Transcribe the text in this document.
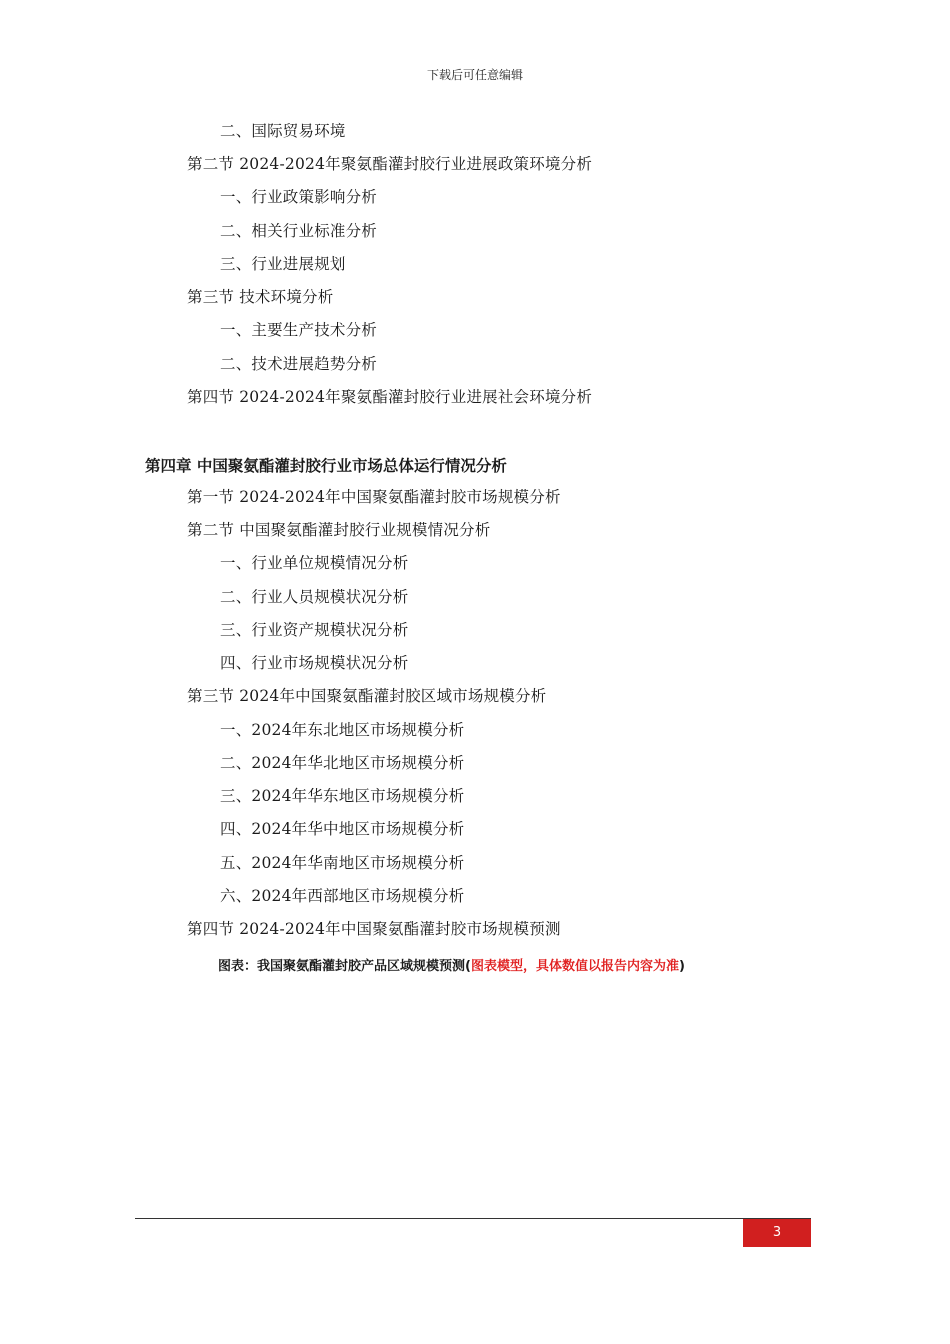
下载后可任意编辑
二、国际贸易环境
第二节 2024-2024年聚氨酯灌封胶行业进展政策环境分析
一、行业政策影响分析
二、相关行业标准分析
三、行业进展规划
第三节 技术环境分析
一、主要生产技术分析
二、技术进展趋势分析
第四节 2024-2024年聚氨酯灌封胶行业进展社会环境分析
第四章 中国聚氨酯灌封胶行业市场总体运行情况分析
第一节 2024-2024年中国聚氨酯灌封胶市场规模分析
第二节 中国聚氨酯灌封胶行业规模情况分析
一、行业单位规模情况分析
二、行业人员规模状况分析
三、行业资产规模状况分析
四、行业市场规模状况分析
第三节 2024年中国聚氨酯灌封胶区域市场规模分析
一、2024年东北地区市场规模分析
二、2024年华北地区市场规模分析
三、2024年华东地区市场规模分析
四、2024年华中地区市场规模分析
五、2024年华南地区市场规模分析
六、2024年西部地区市场规模分析
第四节 2024-2024年中国聚氨酯灌封胶市场规模预测
图表：我国聚氨酯灌封胶产品区域规模预测(图表模型，具体数值以报告内容为准)
3
